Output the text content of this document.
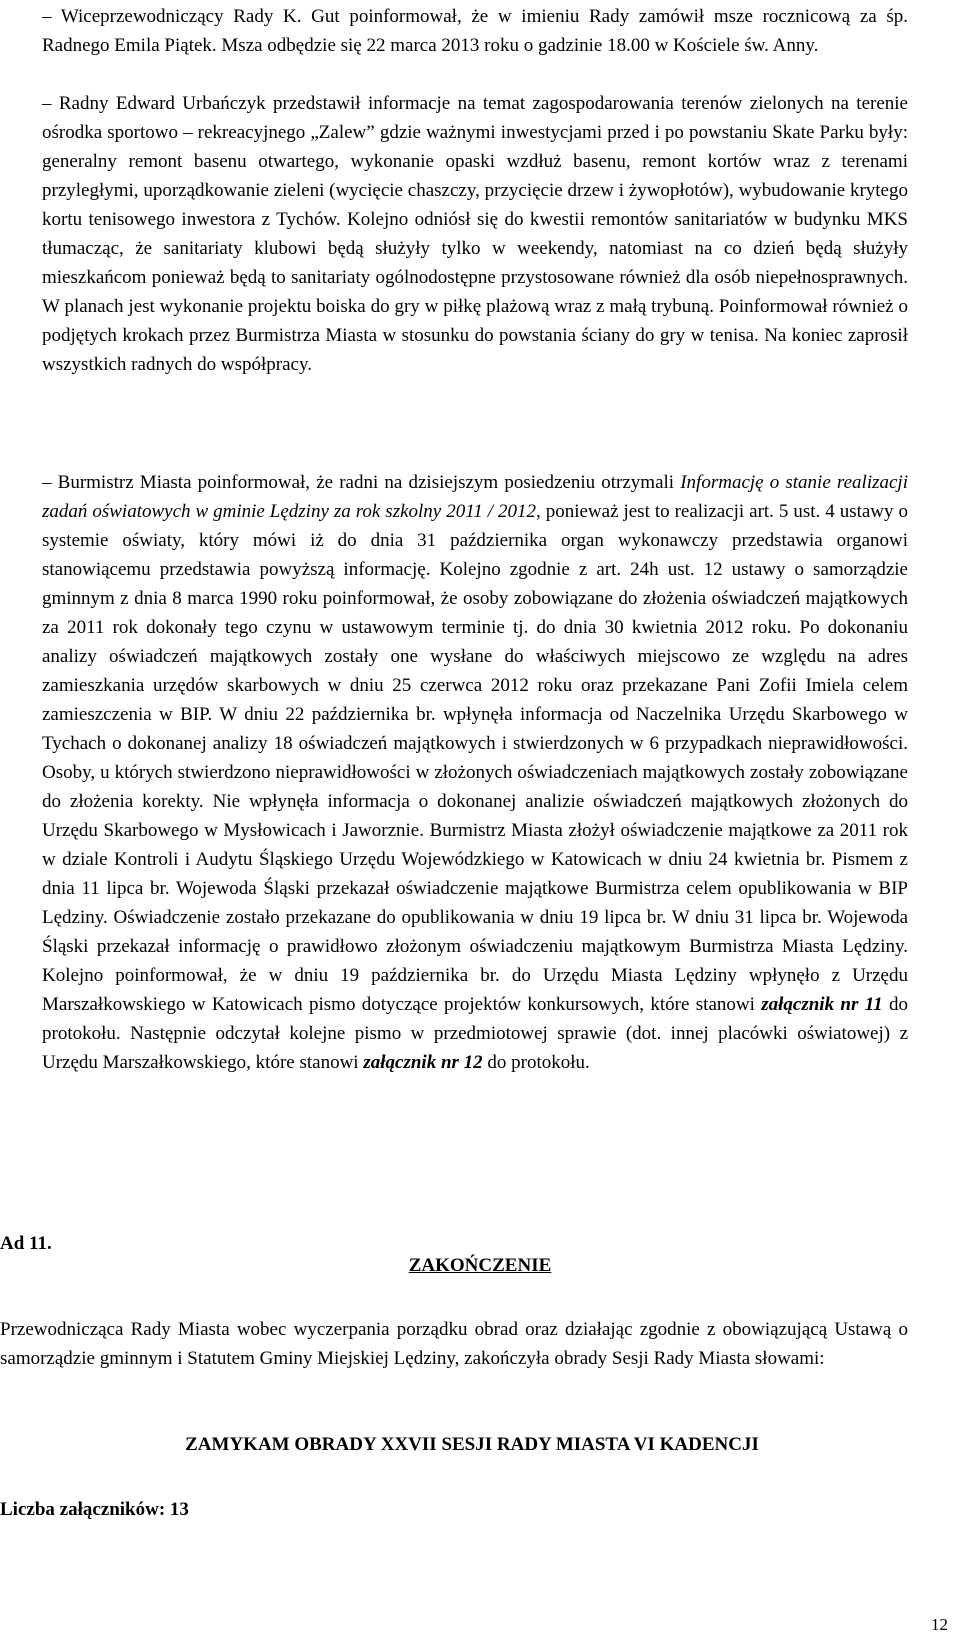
– Wiceprzewodniczący Rady K. Gut poinformował, że w imieniu Rady zamówił msze rocznicową za śp. Radnego Emila Piątek. Msza odbędzie się 22 marca 2013 roku o gadzinie 18.00 w Kościele św. Anny.

– Radny Edward Urbańczyk przedstawił informacje na temat zagospodarowania terenów zielonych na terenie ośrodka sportowo – rekreacyjnego „Zalew” gdzie ważnymi inwestycjami przed i po powstaniu Skate Parku były: generalny remont basenu otwartego, wykonanie opaski wzdłuż basenu, remont kortów wraz z terenami przyległymi, uporządkowanie zieleni (wycięcie chaszczy, przycięcie drzew i żywopłotów), wybudowanie krytego kortu tenisowego inwestora z Tychów. Kolejno odniósł się do kwestii remontów sanitariatów w budynku MKS tłumacząc, że sanitariaty klubowi będą służyły tylko w weekendy, natomiast na co dzień będą służyły mieszkańcom ponieważ będą to sanitariaty ogólnodostępne przystosowane również dla osób niepełnosprawnych. W planach jest wykonanie projektu boiska do gry w piłkę plażową wraz z małą trybuną. Poinformował również o podjętych krokach przez Burmistrza Miasta w stosunku do powstania ściany do gry w tenisa. Na koniec zaprosił wszystkich radnych do współpracy.

– Burmistrz Miasta poinformował, że radni na dzisiejszym posiedzeniu otrzymali Informację o stanie realizacji zadań oświatowych w gminie Lędziny za rok szkolny 2011 / 2012, ponieważ jest to realizacji art. 5 ust. 4 ustawy o systemie oświaty, który mówi iż do dnia 31 października organ wykonawczy przedstawia organowi stanowiącemu przedstawia powyższą informację. Kolejno zgodnie z art. 24h ust. 12 ustawy o samorządzie gminnym z dnia 8 marca 1990 roku poinformował, że osoby zobowiązane do złożenia oświadczeń majątkowych za 2011 rok dokonały tego czynu w ustawowym terminie tj. do dnia 30 kwietnia 2012 roku. Po dokonaniu analizy oświadczeń majątkowych zostały one wysłane do właściwych miejscowo ze względu na adres zamieszkania urzędów skarbowych w dniu 25 czerwca 2012 roku oraz przekazane Pani Zofii Imiela celem zamieszczenia w BIP. W dniu 22 października br. wpłynęła informacja od Naczelnika Urzędu Skarbowego w Tychach o dokonanej analizy 18 oświadczeń majątkowych i stwierdzonych w 6 przypadkach nieprawidłowości. Osoby, u których stwierdzono nieprawidłowości w złożonych oświadczeniach majątkowych zostały zobowiązane do złożenia korekty. Nie wpłynęła informacja o dokonanej analizie oświadczeń majątkowych złożonych do Urzędu Skarbowego w Mysłowicach i Jaworznie. Burmistrz Miasta złożył oświadczenie majątkowe za 2011 rok w dziale Kontroli i Audytu Śląskiego Urzędu Wojewódzkiego w Katowicach w dniu 24 kwietnia br. Pismem z dnia 11 lipca br. Wojewoda Śląski przekazał oświadczenie majątkowe Burmistrza celem opublikowania w BIP Lędziny. Oświadczenie zostało przekazane do opublikowania w dniu 19 lipca br. W dniu 31 lipca br. Wojewoda Śląski przekazał informację o prawidłowo złożonym oświadczeniu majątkowym Burmistrza Miasta Lędziny. Kolejno poinformował, że w dniu 19 października br. do Urzędu Miasta Lędziny wpłynęło z Urzędu Marszałkowskiego w Katowicach pismo dotyczące projektów konkursowych, które stanowi załącznik nr 11 do protokołu. Następnie odczytał kolejne pismo w przedmiotowej sprawie (dot. innej placówki oświatowej) z Urzędu Marszałkowskiego, które stanowi załącznik nr 12 do protokołu.

Ad 11.
ZAKOŃCZENIE

Przewodnicząca Rady Miasta wobec wyczerpania porządku obrad oraz działając zgodnie z obowiązującą Ustawą o samorządzie gminnym i Statutem Gminy Miejskiej Lędziny, zakończyła obrady Sesji Rady Miasta słowami:

ZAMYKAM OBRADY XXVII SESJI RADY MIASTA VI KADENCJI
Liczba załączników: 13
12
